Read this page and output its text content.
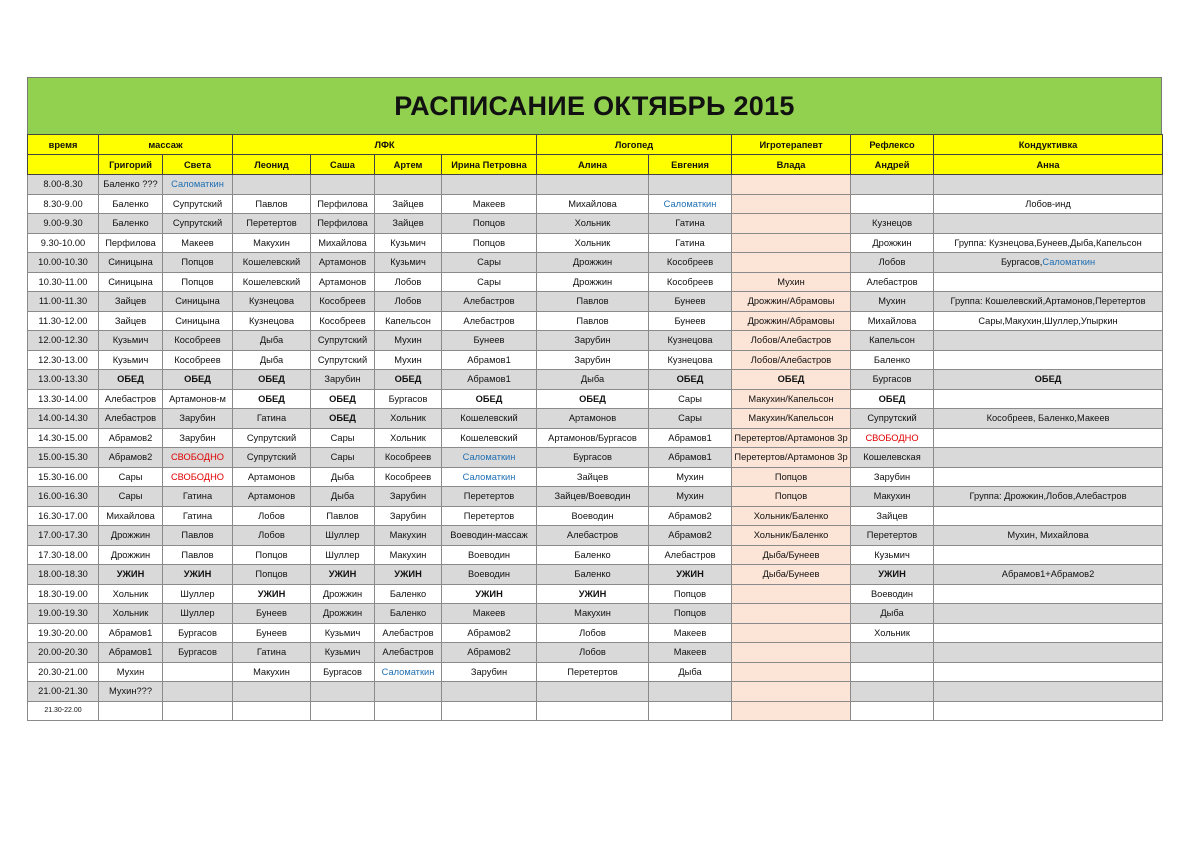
РАСПИСАНИЕ ОКТЯБРЬ 2015
время	массаж		ЛФК				Логопед		Игротерапевт	Рефлексо	Кондуктивка
	Григорий	Света	Леонид	Саша	Артем	Ирина Петровна	Алина	Евгения	Влада	Андрей	Анна
8.00-8.30	Баленко ???	Саломаткин									
8.30-9.00	Баленко	Супрутский	Павлов	Перфилова	Зайцев	Макеев	Михайлова	Саломаткин			Лобов-инд
9.00-9.30	Баленко	Супрутский	Перетертов	Перфилова	Зайцев	Попцов	Хольник	Гатина		Кузнецов	
9.30-10.00	Перфилова	Макеев	Макухин	Михайлова	Кузьмич	Попцов	Хольник	Гатина		Дрожжин	Группа: Кузнецова,Бунеев,Дыба,Капельсон
10.00-10.30	Синицына	Попцов	Кошелевский	Артамонов	Кузьмич	Сары	Дрожжин	Кособреев		Лобов	Бургасов,Саломаткин
10.30-11.00	Синицына	Попцов	Кошелевский	Артамонов	Лобов	Сары	Дрожжин	Кособреев	Мухин	Алебастров	
11.00-11.30	Зайцев	Синицына	Кузнецова	Кособреев	Лобов	Алебастров	Павлов	Бунеев	Дрожжин/Абрамовы	Мухин	Группа: Кошелевский,Артамонов,Перетертов
11.30-12.00	Зайцев	Синицына	Кузнецова	Кособреев	Капельсон	Алебастров	Павлов	Бунеев	Дрожжин/Абрамовы	Михайлова	Сары,Макухин,Шуллер,Упыркин
12.00-12.30	Кузьмич	Кособреев	Дыба	Супрутский	Мухин	Бунеев	Зарубин	Кузнецова	Лобов/Алебастров	Капельсон	
12.30-13.00	Кузьмич	Кособреев	Дыба	Супрутский	Мухин	Абрамов1	Зарубин	Кузнецова	Лобов/Алебастров	Баленко	
13.00-13.30	ОБЕД	ОБЕД	ОБЕД	Зарубин	ОБЕД	Абрамов1	Дыба	ОБЕД	ОБЕД	Бургасов	ОБЕД
13.30-14.00	Алебастров	Артамонов-м	ОБЕД	ОБЕД	Бургасов	ОБЕД	ОБЕД	Сары	Макухин/Капельсон	ОБЕД	
14.00-14.30	Алебастров	Зарубин	Гатина	ОБЕД	Хольник	Кошелевский	Артамонов	Сары	Макухин/Капельсон	Супрутский	Кособреев, Баленко,Макеев
14.30-15.00	Абрамов2	Зарубин	Супрутский	Сары	Хольник	Кошелевский	Артамонов/Бургасов	Абрамов1	Перетертов/Артамонов 3р	СВОБОДНО	
15.00-15.30	Абрамов2	СВОБОДНО	Супрутский	Сары	Кособреев	Саломаткин	Бургасов	Абрамов1	Перетертов/Артамонов 3р	Кошелевская	
15.30-16.00	Сары	СВОБОДНО	Артамонов	Дыба	Кособреев	Саломаткин	Зайцев	Мухин	Попцов	Зарубин	
16.00-16.30	Сары	Гатина	Артамонов	Дыба	Зарубин	Перетертов	Зайцев/Воеводин	Мухин	Попцов	Макухин	Группа: Дрожжин,Лобов,Алебастров
16.30-17.00	Михайлова	Гатина	Лобов	Павлов	Зарубин	Перетертов	Воеводин	Абрамов2	Хольник/Баленко	Зайцев	
17.00-17.30	Дрожжин	Павлов	Лобов	Шуллер	Макухин	Воеводин-массаж	Алебастров	Абрамов2	Хольник/Баленко	Перетертов	Мухин, Михайлова
17.30-18.00	Дрожжин	Павлов	Попцов	Шуллер	Макухин	Воеводин	Баленко	Алебастров	Дыба/Бунеев	Кузьмич	
18.00-18.30	УЖИН	УЖИН	Попцов	УЖИН	УЖИН	Воеводин	Баленко	УЖИН	Дыба/Бунеев	УЖИН	Абрамов1+Абрамов2
18.30-19.00	Хольник	Шуллер	УЖИН	Дрожжин	Баленко	УЖИН	УЖИН	Попцов		Воеводин	
19.00-19.30	Хольник	Шуллер	Бунеев	Дрожжин	Баленко	Макеев	Макухин	Попцов		Дыба	
19.30-20.00	Абрамов1	Бургасов	Бунеев	Кузьмич	Алебастров	Абрамов2	Лобов	Макеев		Хольник	
20.00-20.30	Абрамов1	Бургасов	Гатина	Кузьмич	Алебастров	Абрамов2	Лобов	Макеев			
20.30-21.00	Мухин		Макухин	Бургасов	Саломаткин	Зарубин	Перетертов	Дыба			
21.00-21.30	Мухин???										
21.30-22.00											
